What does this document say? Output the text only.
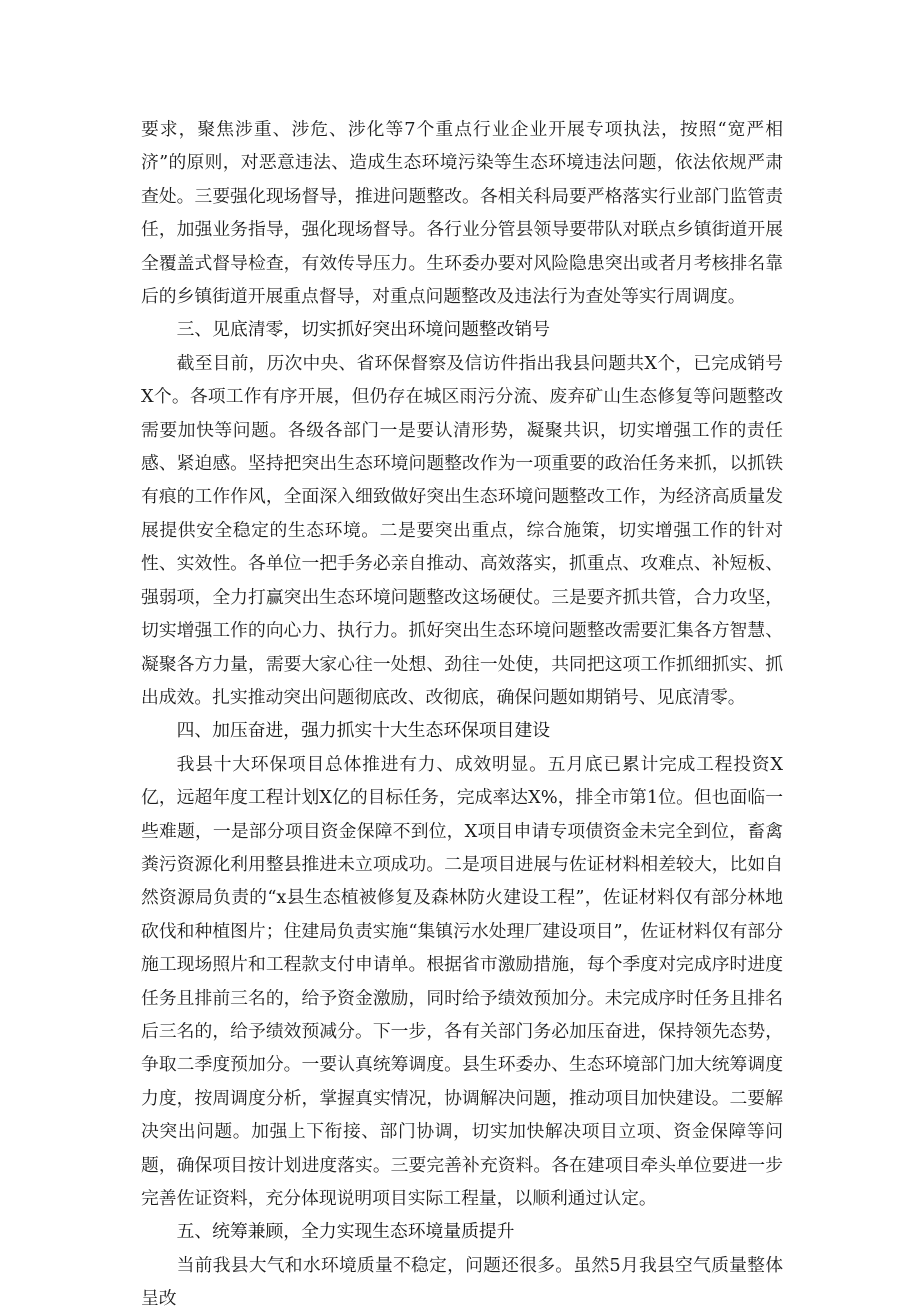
要求，聚焦涉重、涉危、涉化等7个重点行业企业开展专项执法，按照“宽严相济”的原则，对恶意违法、造成生态环境污染等生态环境违法问题，依法依规严肃查处。三要强化现场督导，推进问题整改。各相关科局要严格落实行业部门监管责任，加强业务指导，强化现场督导。各行业分管县领导要带队对联点乡镇街道开展全覆盖式督导检查，有效传导压力。生环委办要对风险隐患突出或者月考核排名靠后的乡镇街道开展重点督导，对重点问题整改及违法行为查处等实行周调度。

三、见底清零，切实抓好突出环境问题整改销号

截至目前，历次中央、省环保督察及信访件指出我县问题共X个，已完成销号X个。各项工作有序开展，但仍存在城区雨污分流、废弃矿山生态修复等问题整改需要加快等问题。各级各部门一是要认清形势，凝聚共识，切实增强工作的责任感、紧迫感。坚持把突出生态环境问题整改作为一项重要的政治任务来抓，以抓铁有痕的工作作风，全面深入细致做好突出生态环境问题整改工作，为经济高质量发展提供安全稳定的生态环境。二是要突出重点，综合施策，切实增强工作的针对性、实效性。各单位一把手务必亲自推动、高效落实，抓重点、攻难点、补短板、强弱项，全力打赢突出生态环境问题整改这场硬仗。三是要齐抓共管，合力攻坚，切实增强工作的向心力、执行力。抓好突出生态环境问题整改需要汇集各方智慧、凝聚各方力量，需要大家心往一处想、劲往一处使，共同把这项工作抓细抓实、抓出成效。扎实推动突出问题彻底改、改彻底，确保问题如期销号、见底清零。

四、加压奋进，强力抓实十大生态环保项目建设

我县十大环保项目总体推进有力、成效明显。五月底已累计完成工程投资X亿，远超年度工程计划X亿的目标任务，完成率达X%，排全市第1位。但也面临一些难题，一是部分项目资金保障不到位，X项目申请专项债资金未完全到位，畜禽粪污资源化利用整县推进未立项成功。二是项目进展与佐证材料相差较大，比如自然资源局负责的“x县生态植被修复及森林防火建设工程”，佐证材料仅有部分林地砍伐和种植图片；住建局负责实施“集镇污水处理厂建设项目”，佐证材料仅有部分施工现场照片和工程款支付申请单。根据省市激励措施，每个季度对完成序时进度任务且排前三名的，给予资金激励，同时给予绩效预加分。未完成序时任务且排名后三名的，给予绩效预减分。下一步，各有关部门务必加压奋进，保持领先态势，争取二季度预加分。一要认真统筹调度。县生环委办、生态环境部门加大统筹调度力度，按周调度分析，掌握真实情况，协调解决问题，推动项目加快建设。二要解决突出问题。加强上下衔接、部门协调，切实加快解决项目立项、资金保障等问题，确保项目按计划进度落实。三要完善补充资料。各在建项目牵头单位要进一步完善佐证资料，充分体现说明项目实际工程量，以顺利通过认定。

五、统筹兼顾，全力实现生态环境量质提升

当前我县大气和水环境质量不稳定，问题还很多。虽然5月我县空气质量整体呈改
